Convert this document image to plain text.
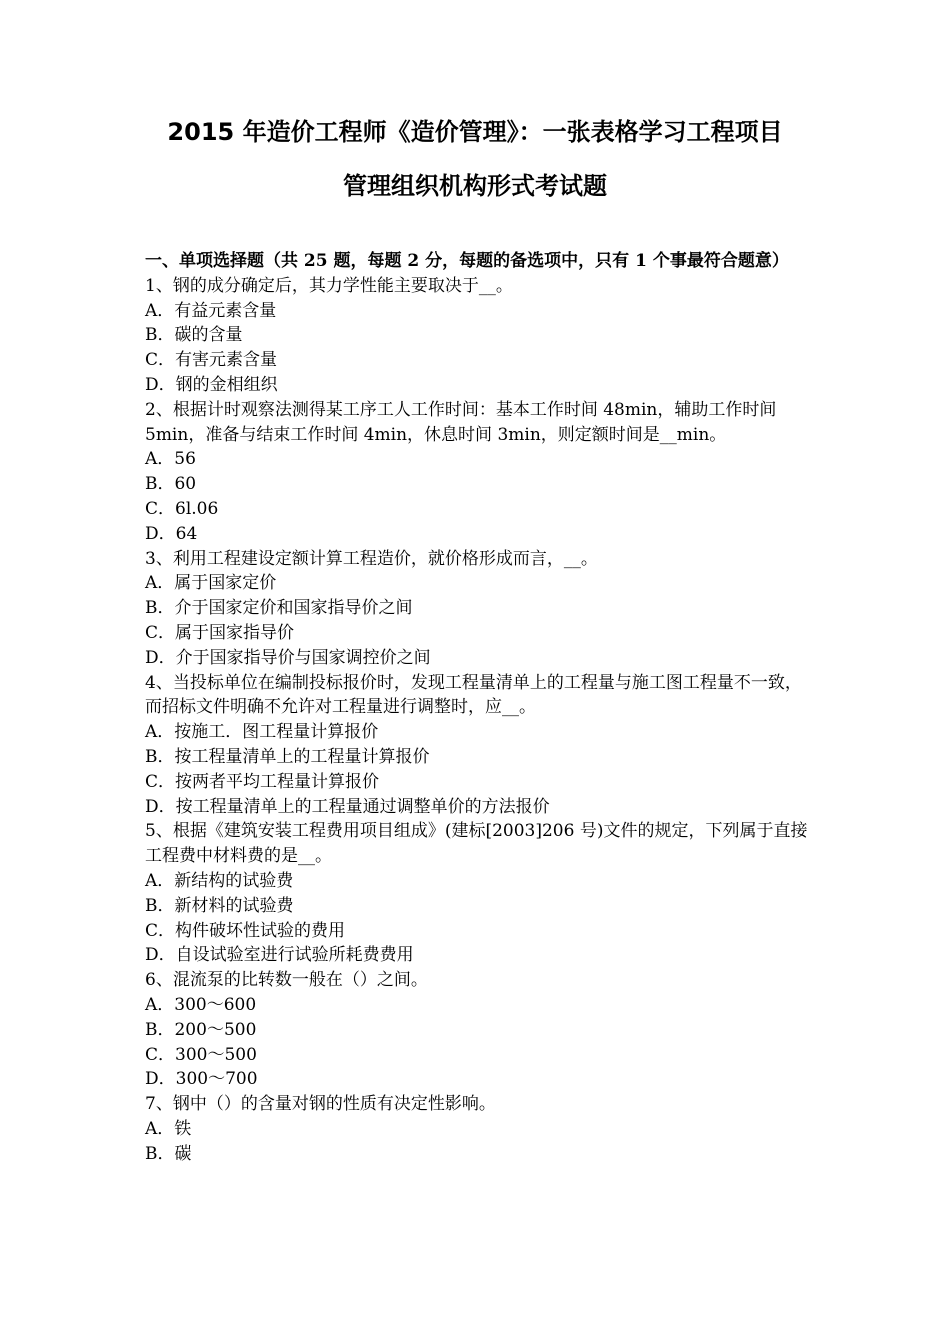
2015 年造价工程师《造价管理》：一张表格学习工程项目
管理组织机构形式考试题

一、单项选择题（共 25 题，每题 2 分，每题的备选项中，只有 1 个事最符合题意）

1、钢的成分确定后，其力学性能主要取决于__。

A．有益元素含量

B．碳的含量

C．有害元素含量

D．钢的金相组织

2、根据计时观察法测得某工序工人工作时间：基本工作时间 48min，辅助工作时间 5min，准备与结束工作时间 4min，休息时间 3min，则定额时间是__min。

A．56

B．60

C．6l.06

D．64

3、利用工程建设定额计算工程造价，就价格形成而言，__。

A．属于国家定价

B．介于国家定价和国家指导价之间

C．属于国家指导价

D．介于国家指导价与国家调控价之间

4、当投标单位在编制投标报价时，发现工程量清单上的工程量与施工图工程量不一致，而招标文件明确不允许对工程量进行调整时，应__。

A．按施工．图工程量计算报价

B．按工程量清单上的工程量计算报价

C．按两者平均工程量计算报价

D．按工程量清单上的工程量通过调整单价的方法报价

5、根据《建筑安装工程费用项目组成》(建标[2003]206 号)文件的规定，下列属于直接工程费中材料费的是__。

A．新结构的试验费

B．新材料的试验费

C．构件破坏性试验的费用

D．自设试验室进行试验所耗费费用

6、混流泵的比转数一般在（）之间。

A．300～600

B．200～500

C．300～500

D．300～700

7、钢中（）的含量对钢的性质有决定性影响。

A．铁

B．碳
